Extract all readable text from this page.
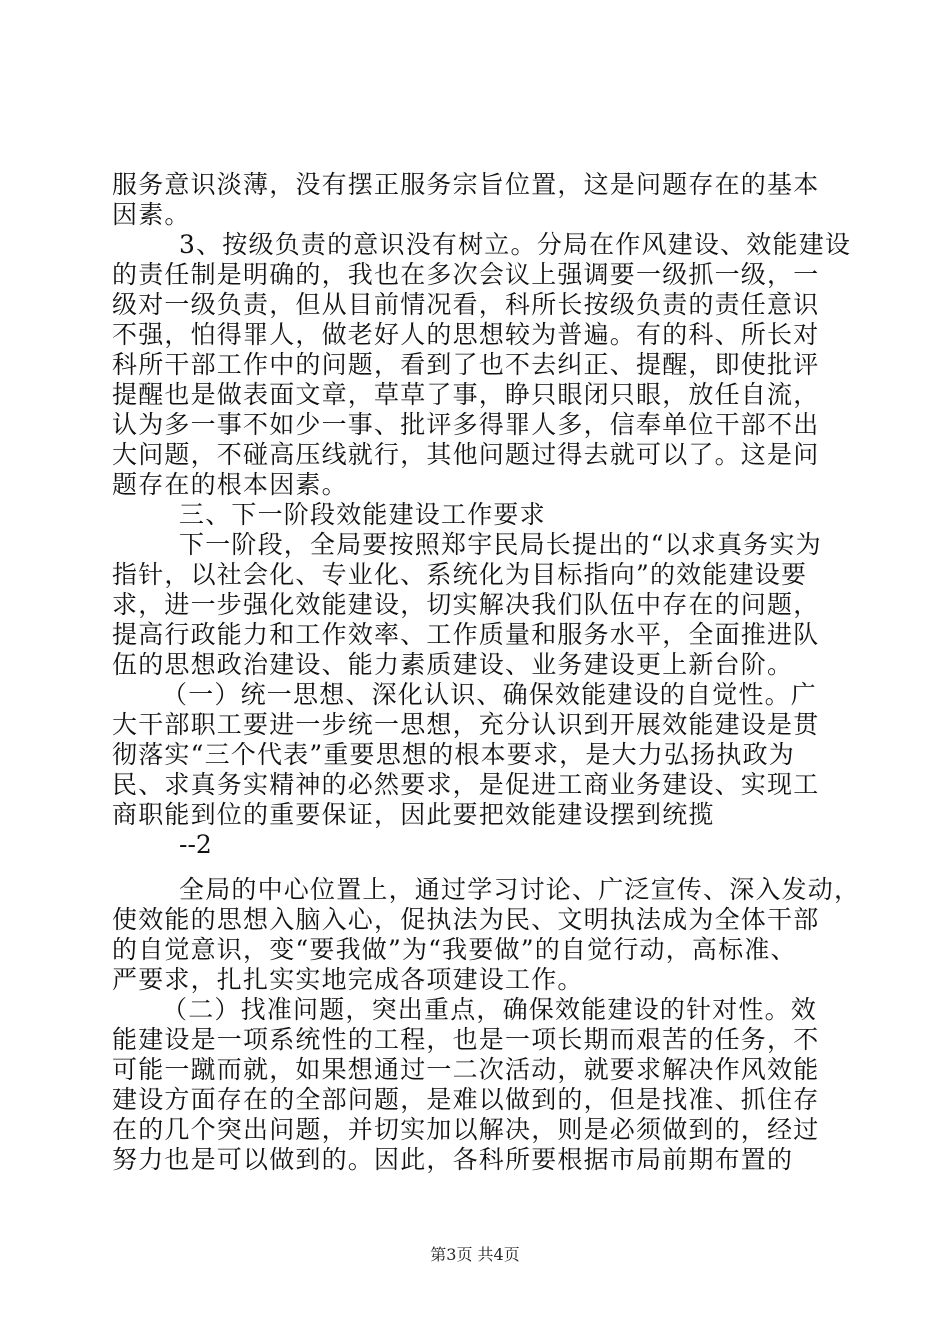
服务意识淡薄，没有摆正服务宗旨位置，这是问题存在的基本
因素。
3、按级负责的意识没有树立。分局在作风建设、效能建设
的责任制是明确的，我也在多次会议上强调要一级抓一级，一
级对一级负责，但从目前情况看，科所长按级负责的责任意识
不强，怕得罪人，做老好人的思想较为普遍。有的科、所长对
科所干部工作中的问题，看到了也不去纠正、提醒，即使批评
提醒也是做表面文章，草草了事，睁只眼闭只眼，放任自流，
认为多一事不如少一事、批评多得罪人多，信奉单位干部不出
大问题，不碰高压线就行，其他问题过得去就可以了。这是问
题存在的根本因素。
三、下一阶段效能建设工作要求
下一阶段，全局要按照郑宇民局长提出的“以求真务实为
指针，以社会化、专业化、系统化为目标指向”的效能建设要
求，进一步强化效能建设，切实解决我们队伍中存在的问题，
提高行政能力和工作效率、工作质量和服务水平，全面推进队
伍的思想政治建设、能力素质建设、业务建设更上新台阶。
（一）统一思想、深化认识、确保效能建设的自觉性。广
大干部职工要进一步统一思想，充分认识到开展效能建设是贯
彻落实“三个代表”重要思想的根本要求，是大力弘扬执政为
民、求真务实精神的必然要求，是促进工商业务建设、实现工
商职能到位的重要保证，因此要把效能建设摆到统揽
--2
全局的中心位置上，通过学习讨论、广泛宣传、深入发动，
使效能的思想入脑入心，促执法为民、文明执法成为全体干部
的自觉意识，变“要我做”为“我要做”的自觉行动，高标准、
严要求，扎扎实实地完成各项建设工作。
（二）找准问题，突出重点，确保效能建设的针对性。效
能建设是一项系统性的工程，也是一项长期而艰苦的任务，不
可能一蹴而就，如果想通过一二次活动，就要求解决作风效能
建设方面存在的全部问题，是难以做到的，但是找准、抓住存
在的几个突出问题，并切实加以解决，则是必须做到的，经过
努力也是可以做到的。因此，各科所要根据市局前期布置的
第3页 共4页
